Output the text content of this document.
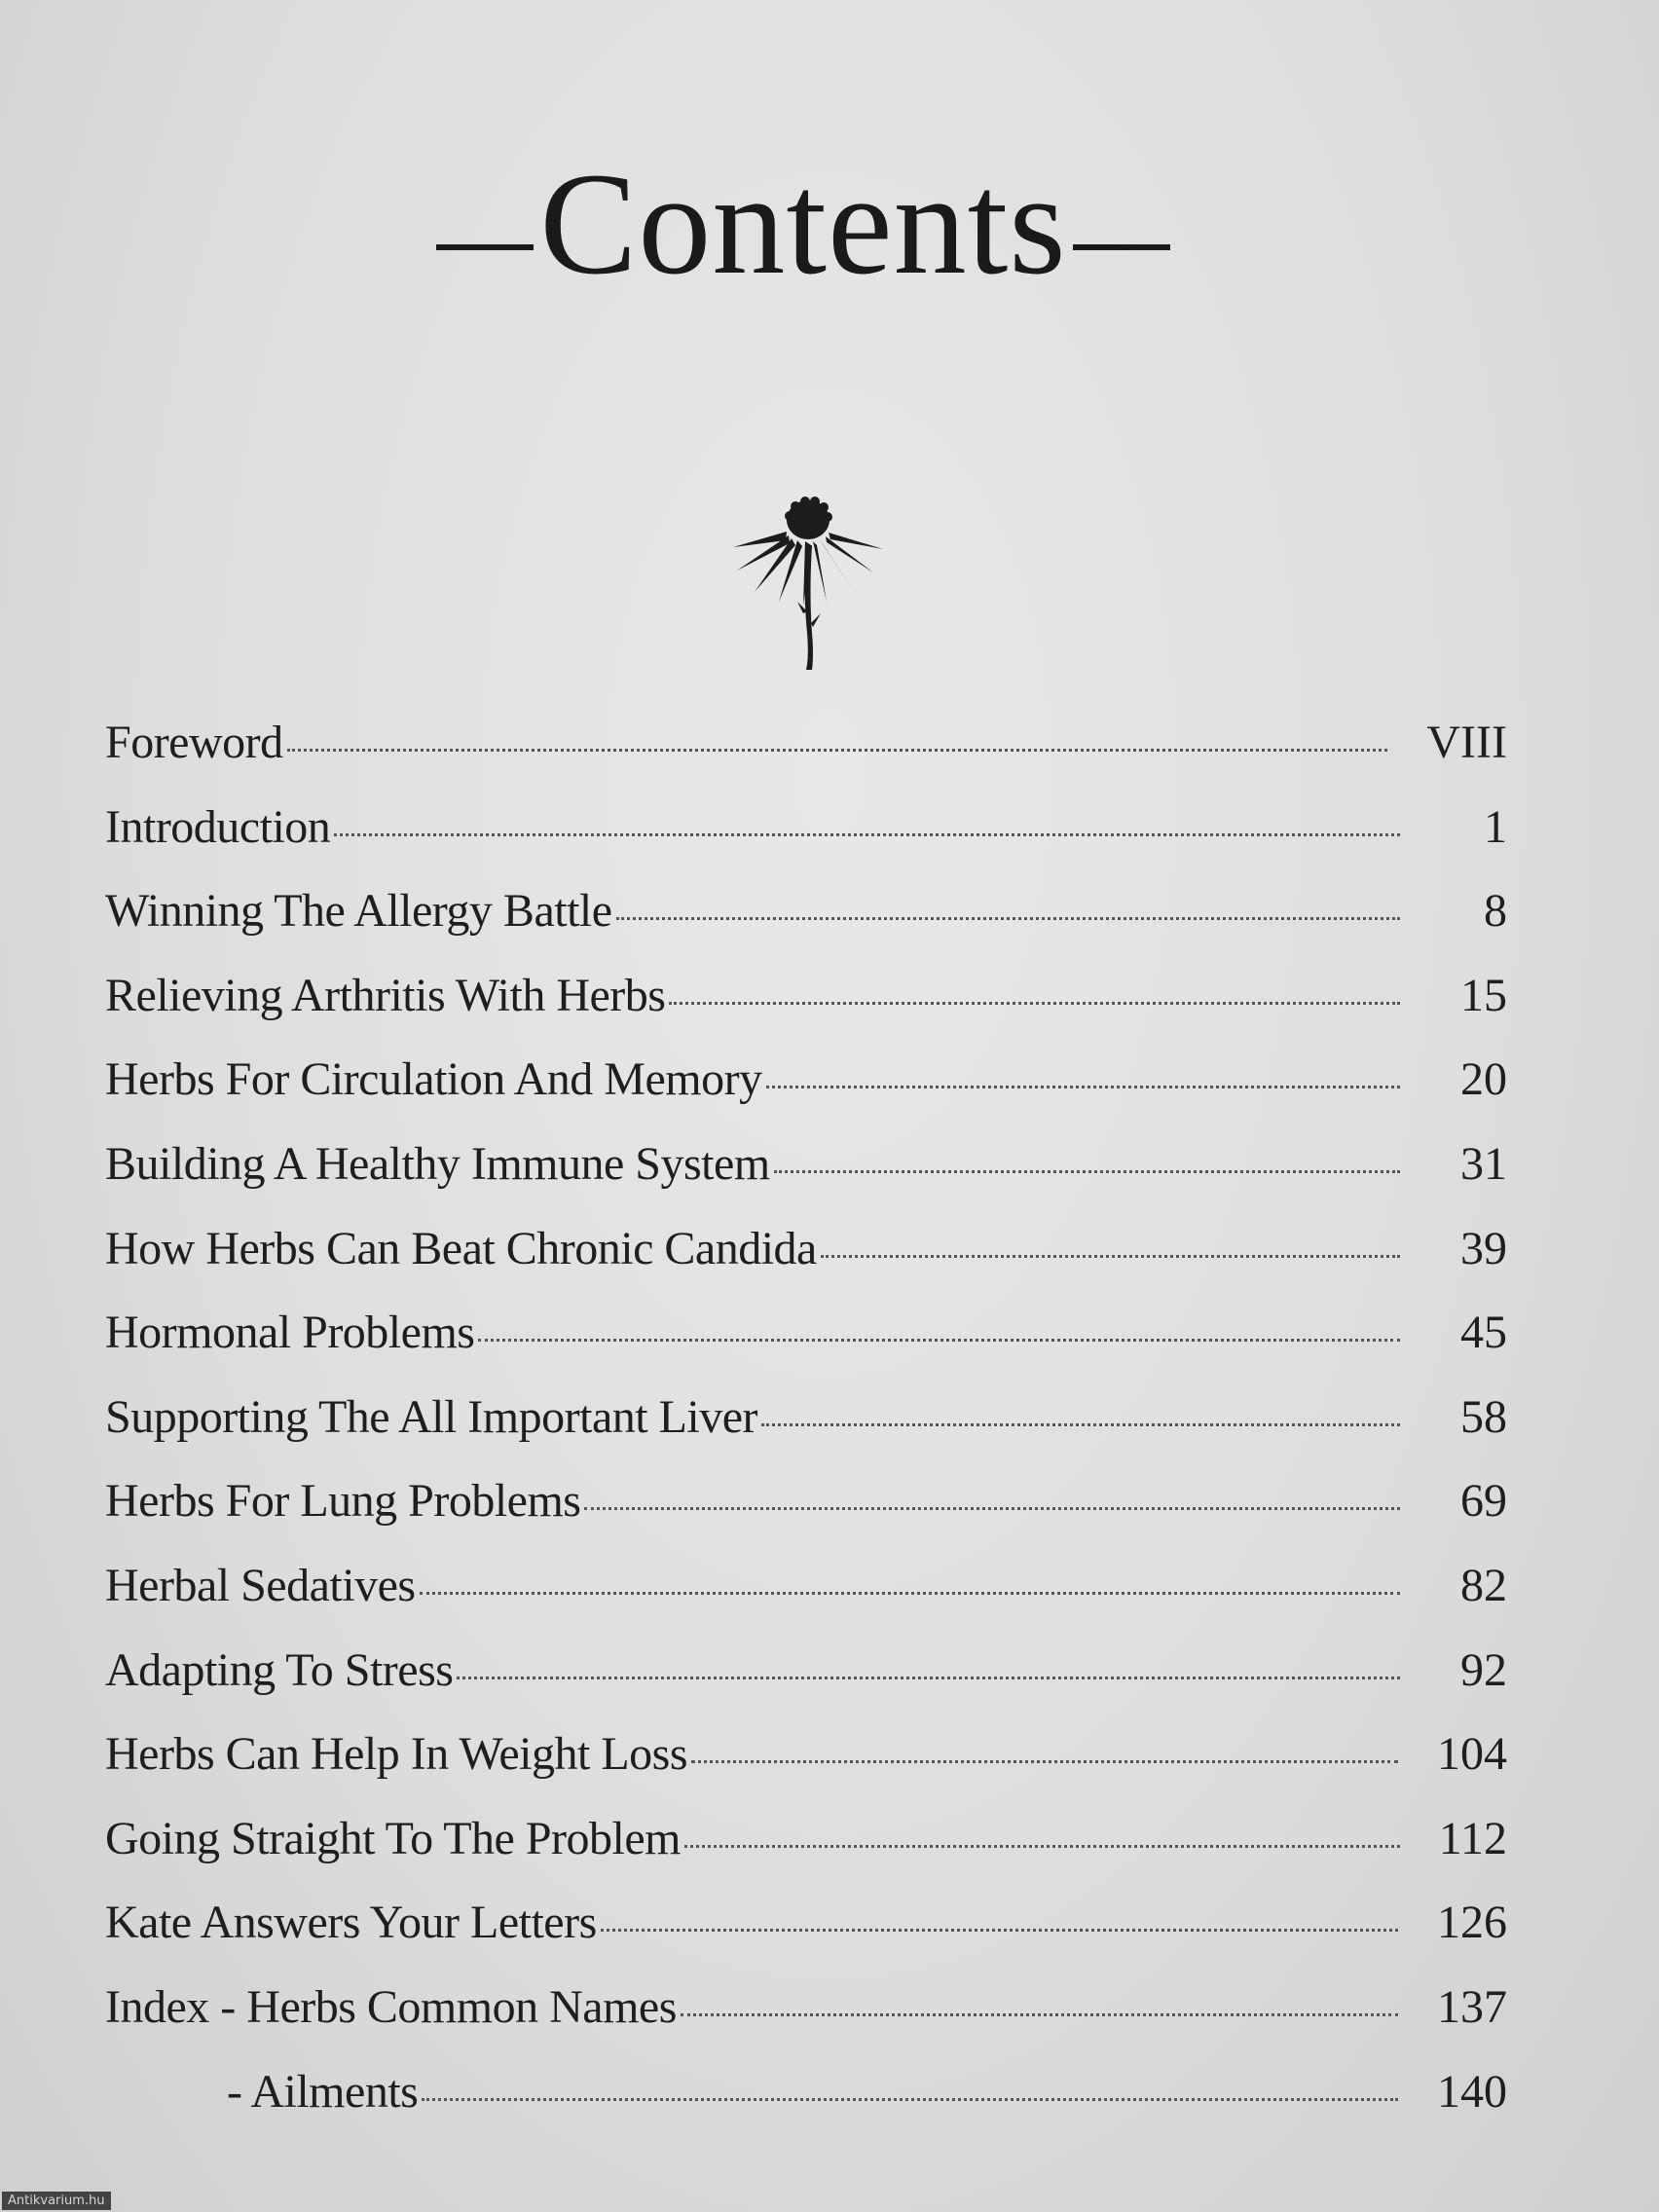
Contents
Foreword	VIII
Introduction	1
Winning The Allergy Battle	8
Relieving Arthritis With Herbs	15
Herbs For Circulation And Memory	20
Building A Healthy Immune System	31
How Herbs Can Beat Chronic Candida	39
Hormonal Problems	45
Supporting The All Important Liver	58
Herbs For Lung Problems	69
Herbal Sedatives	82
Adapting To Stress	92
Herbs Can Help In Weight Loss	104
Going Straight To The Problem	112
Kate Answers Your Letters	126
Index - Herbs Common Names	137
- Ailments	140
Antikvarium.hu
